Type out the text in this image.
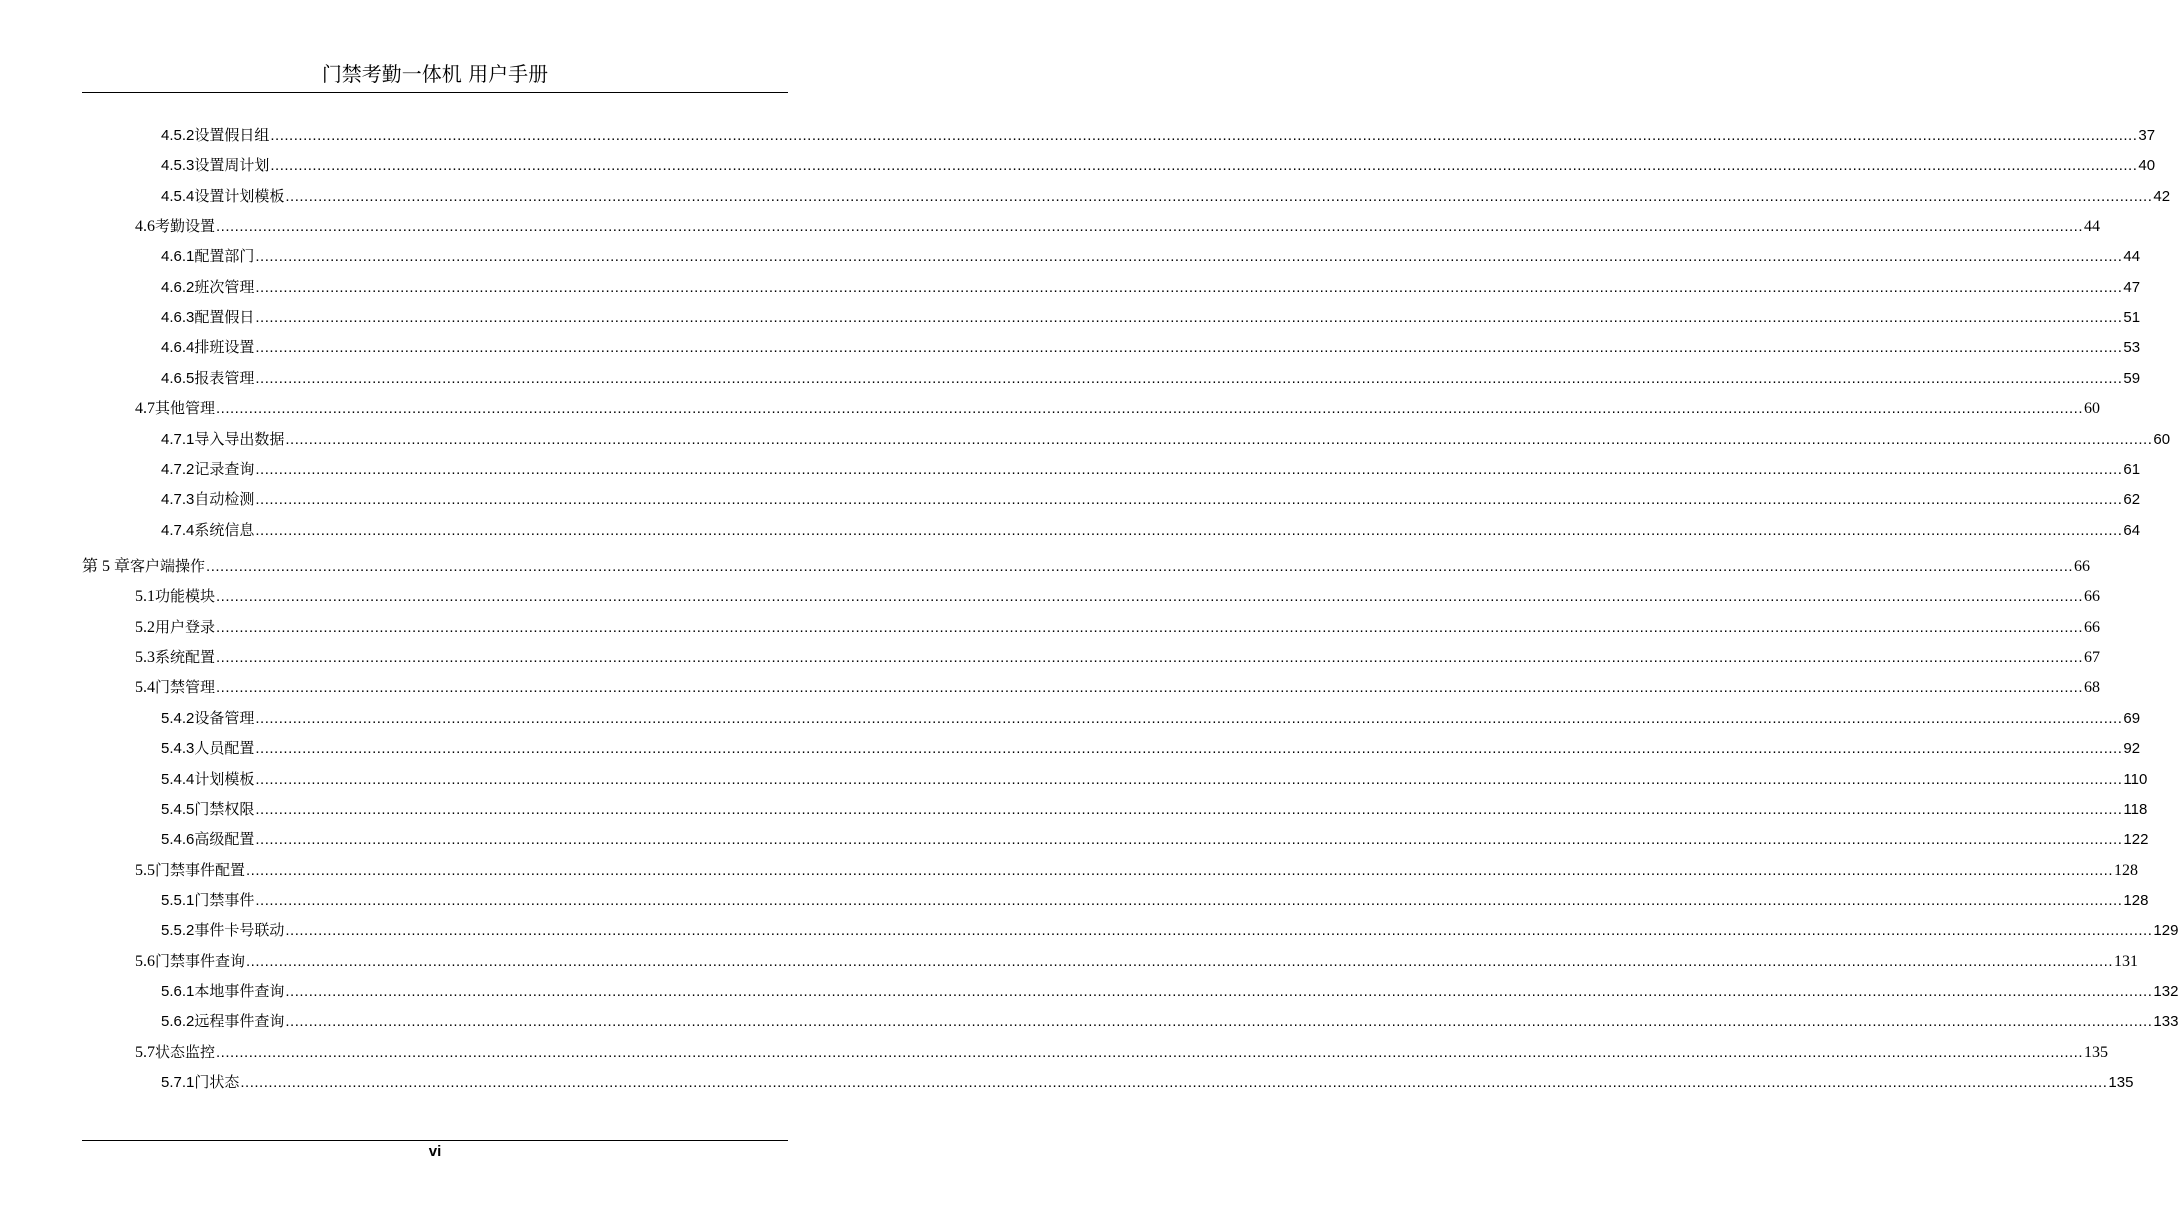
门禁考勤一体机 用户手册
4.5.2 设置假日组 ................................................................................................................................................................................................................................................................................................................................................................................................................ 37
4.5.3 设置周计划 ................................................................................................................................................................................................................................................................................................................................................................................................................ 40
4.5.4 设置计划模板 ................................................................................................................................................................................................................................................................................................................................................................................................................ 42
4.6 考勤设置 ................................................................................................................................................................................................................................................................................................................................................................................................................ 44
4.6.1 配置部门 ................................................................................................................................................................................................................................................................................................................................................................................................................ 44
4.6.2 班次管理 ................................................................................................................................................................................................................................................................................................................................................................................................................ 47
4.6.3 配置假日 ................................................................................................................................................................................................................................................................................................................................................................................................................ 51
4.6.4 排班设置 ................................................................................................................................................................................................................................................................................................................................................................................................................ 53
4.6.5 报表管理 ................................................................................................................................................................................................................................................................................................................................................................................................................ 59
4.7 其他管理 ................................................................................................................................................................................................................................................................................................................................................................................................................ 60
4.7.1 导入导出数据 ................................................................................................................................................................................................................................................................................................................................................................................................................ 60
4.7.2 记录查询 ................................................................................................................................................................................................................................................................................................................................................................................................................ 61
4.7.3 自动检测 ................................................................................................................................................................................................................................................................................................................................................................................................................ 62
4.7.4 系统信息 ................................................................................................................................................................................................................................................................................................................................................................................................................ 64
第 5 章 客户端操作 ................................................................................................................................................................................................................................................................................................................................................................................................................ 66
5.1 功能模块 ................................................................................................................................................................................................................................................................................................................................................................................................................ 66
5.2 用户登录 ................................................................................................................................................................................................................................................................................................................................................................................................................ 66
5.3 系统配置 ................................................................................................................................................................................................................................................................................................................................................................................................................ 67
5.4 门禁管理 ................................................................................................................................................................................................................................................................................................................................................................................................................ 68
5.4.2 设备管理 ................................................................................................................................................................................................................................................................................................................................................................................................................ 69
5.4.3 人员配置 ................................................................................................................................................................................................................................................................................................................................................................................................................ 92
5.4.4 计划模板 ................................................................................................................................................................................................................................................................................................................................................................................................................ 110
5.4.5 门禁权限 ................................................................................................................................................................................................................................................................................................................................................................................................................ 118
5.4.6 高级配置 ................................................................................................................................................................................................................................................................................................................................................................................................................ 122
5.5 门禁事件配置 ................................................................................................................................................................................................................................................................................................................................................................................................................ 128
5.5.1 门禁事件 ................................................................................................................................................................................................................................................................................................................................................................................................................ 128
5.5.2 事件卡号联动 ................................................................................................................................................................................................................................................................................................................................................................................................................ 129
5.6 门禁事件查询 ................................................................................................................................................................................................................................................................................................................................................................................................................ 131
5.6.1 本地事件查询 ................................................................................................................................................................................................................................................................................................................................................................................................................ 132
5.6.2 远程事件查询 ................................................................................................................................................................................................................................................................................................................................................................................................................ 133
5.7 状态监控 ................................................................................................................................................................................................................................................................................................................................................................................................................ 135
5.7.1 门状态 ................................................................................................................................................................................................................................................................................................................................................................................................................ 135
vi
